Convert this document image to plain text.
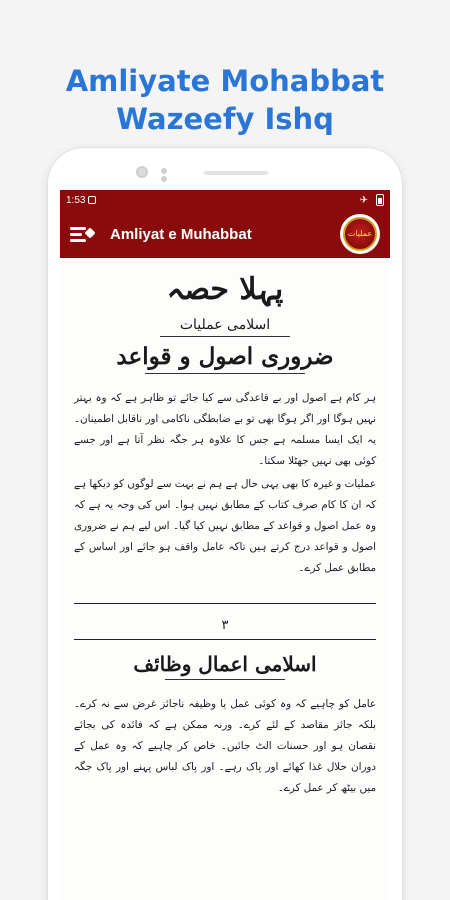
Amliyate Mohabbat
Wazeefy Ishq
1:53	✈
Amliyat e Muhabbat	عملیات
پہلا حصہ
اسلامی عملیات
ضروری اصول و قواعد

ہر کام ہے اصول اور بے قاعدگی سے کیا جائے تو ظاہر ہے کہ وہ بہتر نہیں ہوگا اور اگر ہوگا بھی تو بے ضابطگی ناکامی اور ناقابل اطمینان۔ یہ ایک ایسا مسلمہ ہے جس کا علاوہ ہر جگہ نظر آتا ہے اور جسے کوئی بھی نہیں جھٹلا سکتا۔

عملیات و غیرہ کا بھی یہی حال ہے ہم نے بہت سے لوگوں کو دیکھا ہے کہ ان کا کام صرف کتاب کے مطابق نہیں ہوا۔ اس کی وجہ یہ ہے کہ وہ عمل اصول و قواعد کے مطابق نہیں کیا گیا۔ اس لیے ہم نے ضروری اصول و قواعد درج کرتے ہیں تاکہ عامل واقف ہو جائے اور اساس کے مطابق عمل کرے۔

۳
اسلامی اعمال وظائف

عامل کو چاہیے کہ وہ کوئی عمل یا وظیفہ ناجائز غرض سے نہ کرے۔ بلکہ جائز مقاصد کے لئے کرے۔ ورنہ ممکن ہے کہ فائدہ کی بجائے نقصان ہو اور حسنات الٹ جائیں۔ خاص کر چاہیے کہ وہ عمل کے دوران حلال غذا کھائے اور پاک رہے۔ اور پاک لباس پہنے اور پاک جگہ میں بیٹھ کر عمل کرے۔
